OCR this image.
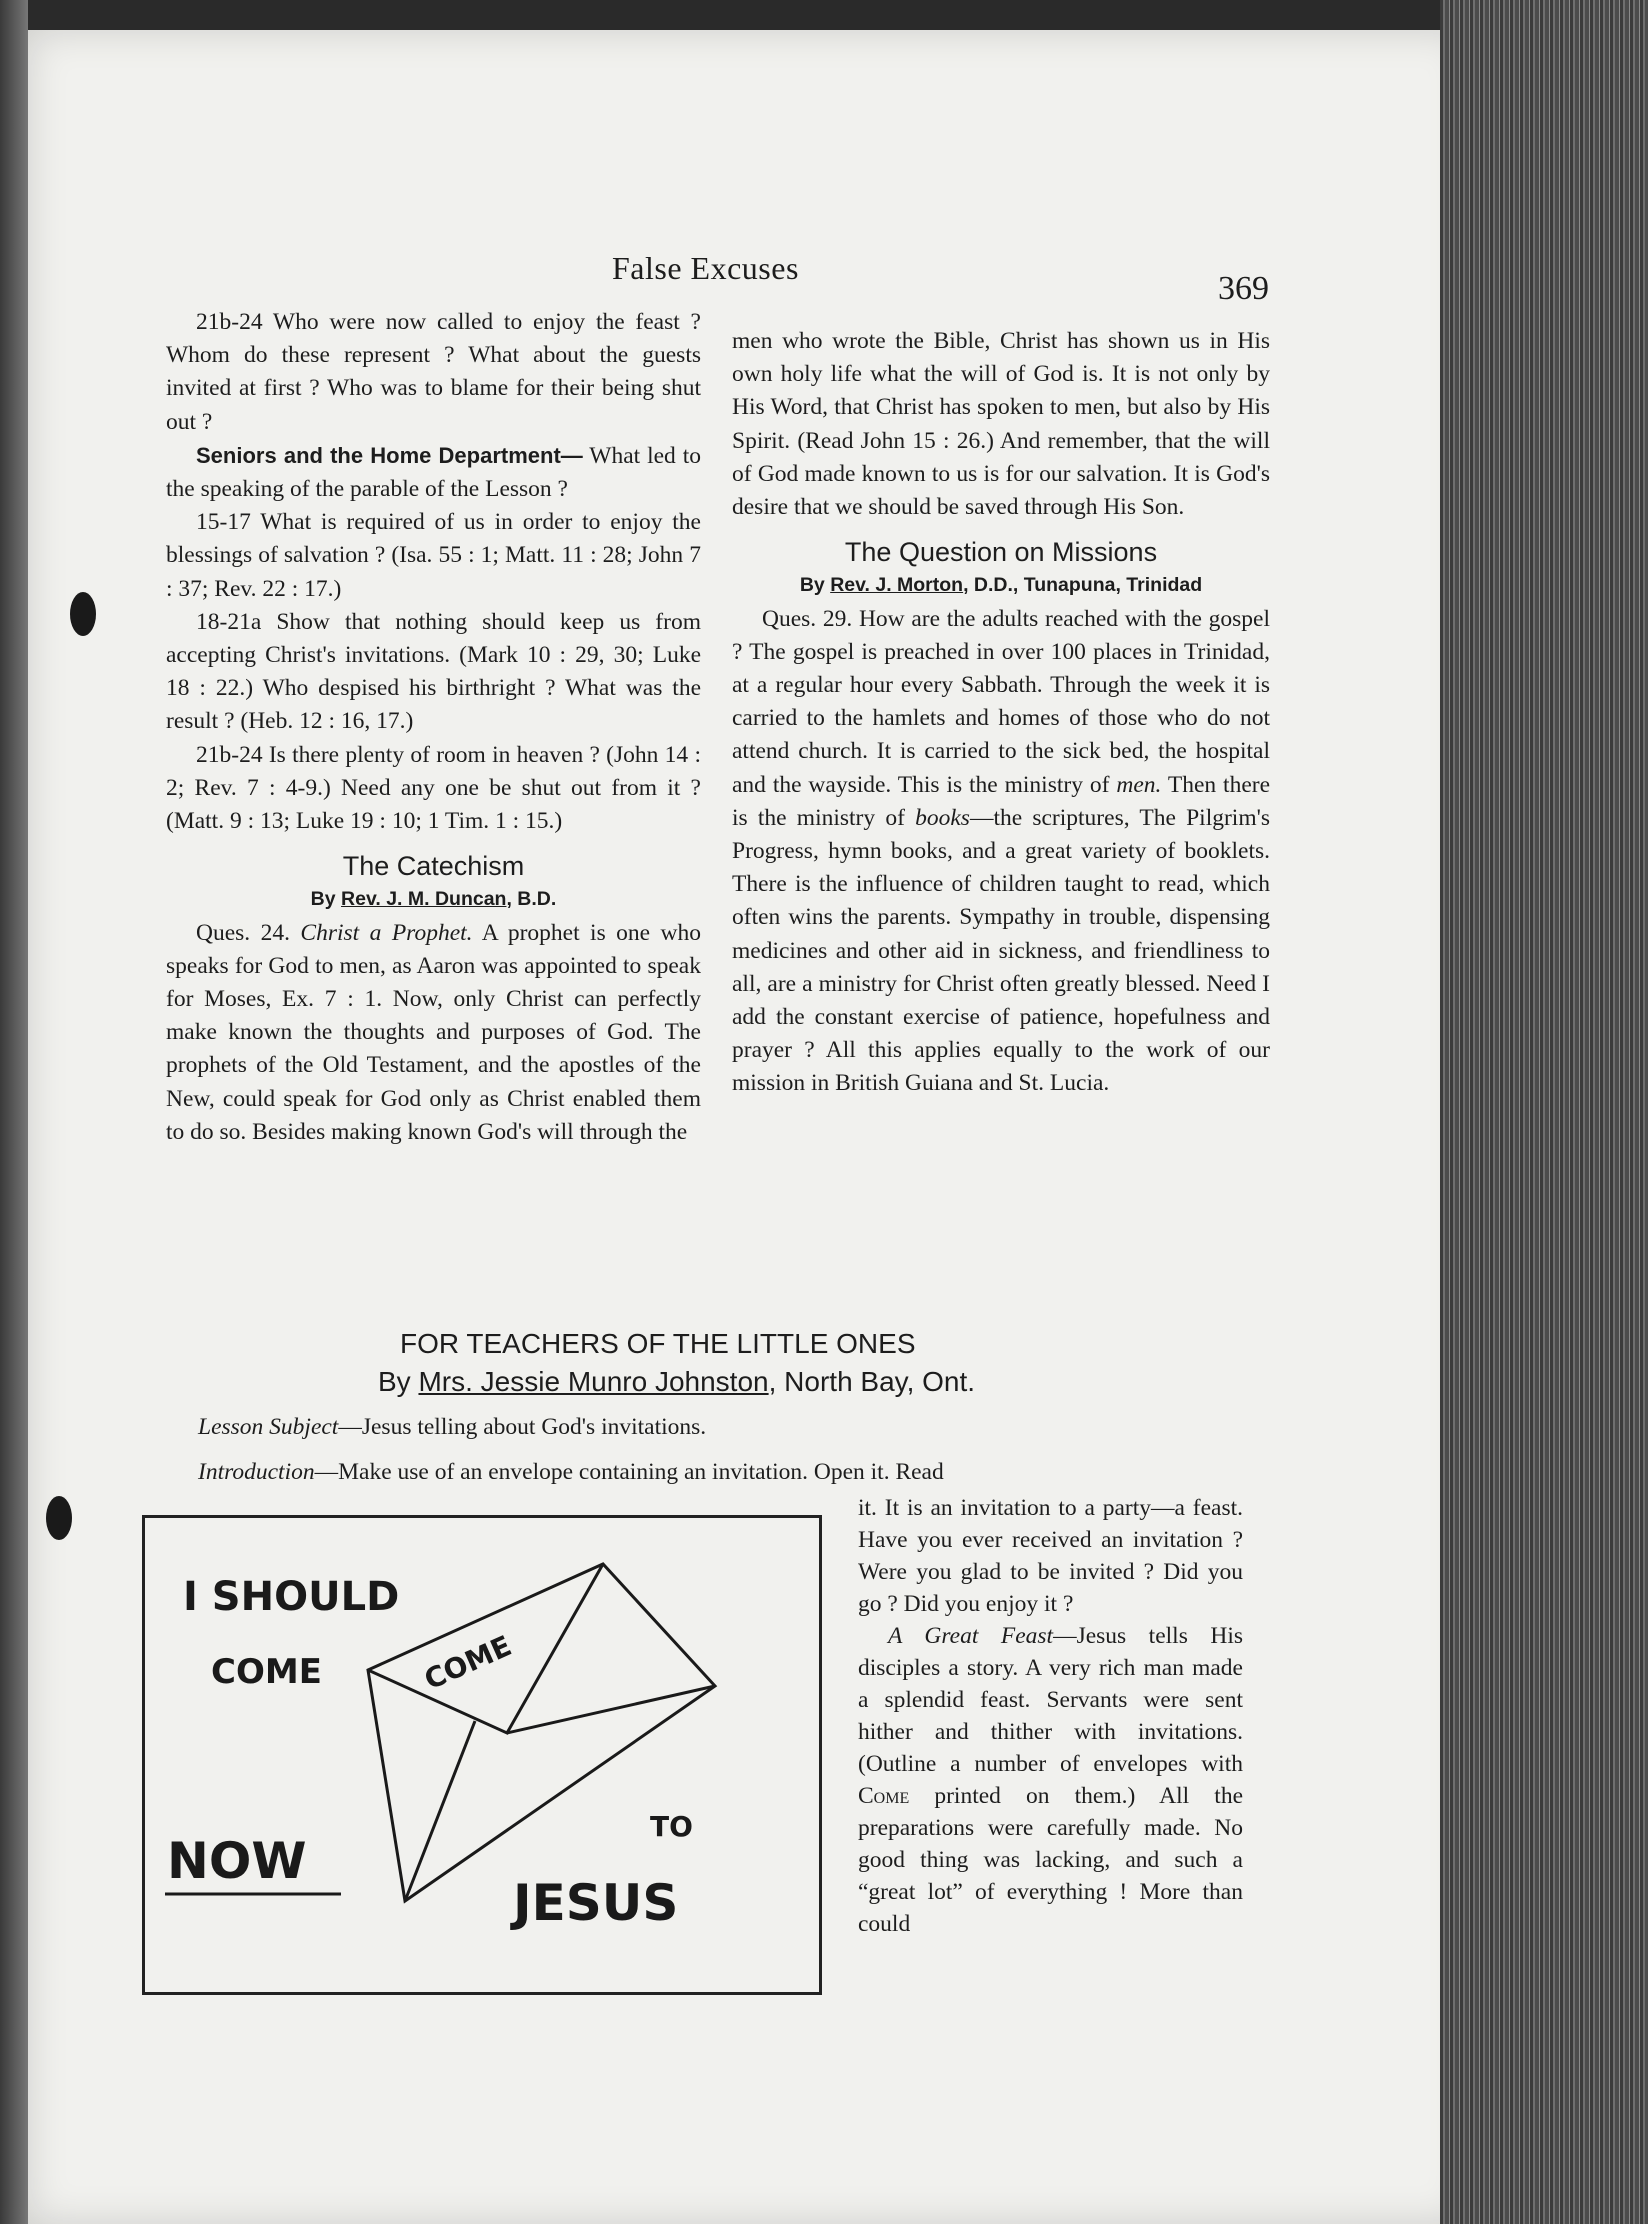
False Excuses
369

21b-24 Who were now called to enjoy the feast ? Whom do these represent ? What about the guests invited at first ? Who was to blame for their being shut out ?

Seniors and the Home Department— What led to the speaking of the parable of the Lesson ?

15-17 What is required of us in order to enjoy the blessings of salvation ? (Isa. 55 : 1; Matt. 11 : 28; John 7 : 37; Rev. 22 : 17.)

18-21a Show that nothing should keep us from accepting Christ's invitations. (Mark 10 : 29, 30; Luke 18 : 22.) Who despised his birthright ? What was the result ? (Heb. 12 : 16, 17.)

21b-24 Is there plenty of room in heaven ? (John 14 : 2; Rev. 7 : 4-9.) Need any one be shut out from it ? (Matt. 9 : 13; Luke 19 : 10; 1 Tim. 1 : 15.)

The Catechism

By Rev. J. M. Duncan, B.D.

Ques. 24. Christ a Prophet. A prophet is one who speaks for God to men, as Aaron was appointed to speak for Moses, Ex. 7 : 1. Now, only Christ can perfectly make known the thoughts and purposes of God. The prophets of the Old Testament, and the apostles of the New, could speak for God only as Christ enabled them to do so. Besides making known God's will through the

men who wrote the Bible, Christ has shown us in His own holy life what the will of God is. It is not only by His Word, that Christ has spoken to men, but also by His Spirit. (Read John 15 : 26.) And remember, that the will of God made known to us is for our salvation. It is God's desire that we should be saved through His Son.

The Question on Missions

By Rev. J. Morton, D.D., Tunapuna, Trinidad

Ques. 29. How are the adults reached with the gospel ? The gospel is preached in over 100 places in Trinidad, at a regular hour every Sabbath. Through the week it is carried to the hamlets and homes of those who do not attend church. It is carried to the sick bed, the hospital and the wayside. This is the ministry of men. Then there is the ministry of books—the scriptures, The Pilgrim's Progress, hymn books, and a great variety of booklets. There is the influence of children taught to read, which often wins the parents. Sympathy in trouble, dispensing medicines and other aid in sickness, and friendliness to all, are a ministry for Christ often greatly blessed. Need I add the constant exercise of patience, hopefulness and prayer ? All this applies equally to the work of our mission in British Guiana and St. Lucia.

FOR TEACHERS OF THE LITTLE ONES
By Mrs. Jessie Munro Johnston, North Bay, Ont.
Lesson Subject—Jesus telling about God's invitations.
Introduction—Make use of an envelope containing an invitation. Open it. Read

it. It is an invitation to a party—a feast. Have you ever received an invitation ? Were you glad to be invited ? Did you go ? Did you enjoy it ?

A Great Feast—Jesus tells His disciples a story. A very rich man made a splendid feast. Servants were sent hither and thither with invitations. (Outline a number of envelopes with Come printed on them.) All the preparations were carefully made. No good thing was lacking, and such a “great lot” of everything ! More than could

I SHOULD
COME
NOW
TO
JESUS
COME
